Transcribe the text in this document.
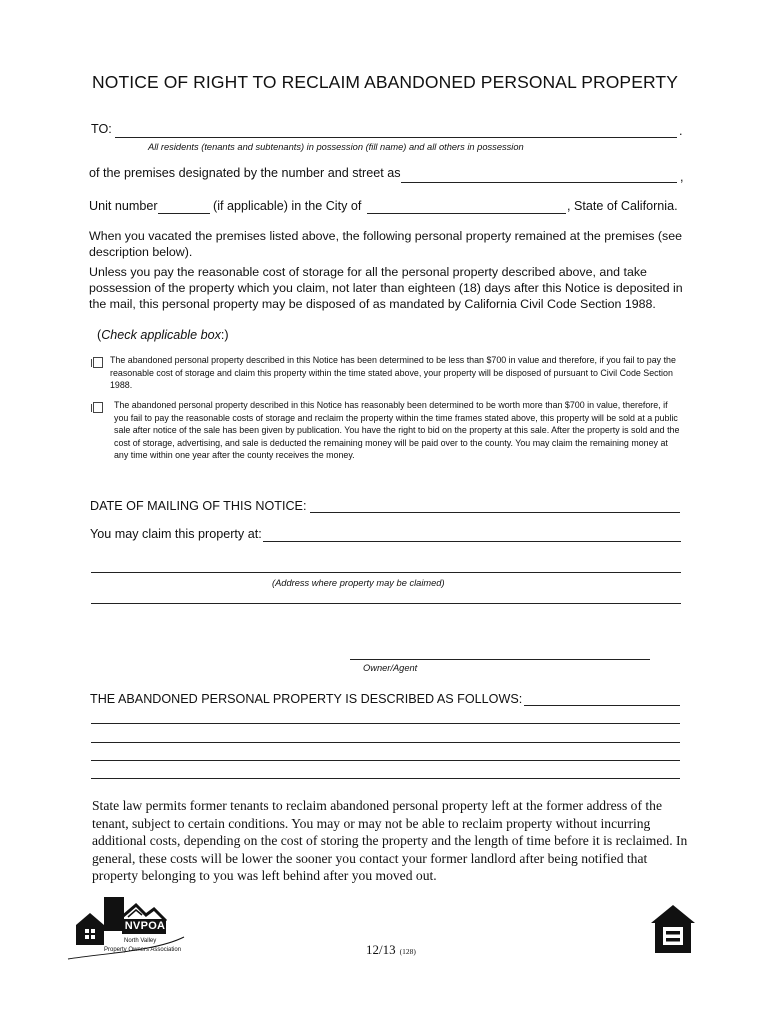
NOTICE OF RIGHT TO RECLAIM ABANDONED PERSONAL PROPERTY
TO:	.
All residents (tenants and subtenants) in possession (fill name) and all others in possession
of the premises designated by the number and street as	,
Unit number	(if applicable) in the City of	, State of California.
When you vacated the premises listed above, the following personal property remained at the premises (see description below).
Unless you pay the reasonable cost of storage for all the personal property described above, and take possession of the property which you claim, not later than eighteen (18) days after this Notice is deposited in the mail, this personal property may be disposed of as mandated by California Civil Code Section 1988.
(Check applicable box:)
The abandoned personal property described in this Notice has been determined to be less than $700 in value and therefore, if you fail to pay the reasonable cost of storage and claim this property within the time stated above, your property will be disposed of pursuant to Civil Code Section 1988.
The abandoned personal property described in this Notice has reasonably been determined to be worth more than $700 in value, therefore, if you fail to pay the reasonable costs of storage and reclaim the property within the time frames stated above, this property will be sold at a public sale after notice of the sale has been given by publication. You have the right to bid on the property at this sale. After the property is sold and the cost of storage, advertising, and sale is deducted the remaining money will be paid over to the county. You may claim the remaining money at any time within one year after the county receives the money.
DATE OF MAILING OF THIS NOTICE:
You may claim this property at:
(Address where property may be claimed)
Owner/Agent
THE ABANDONED PERSONAL PROPERTY IS DESCRIBED AS FOLLOWS:
State law permits former tenants to reclaim abandoned personal property left at the former address of the tenant, subject to certain conditions. You may or may not be able to reclaim property without incurring additional costs, depending on the cost of storing the property and the length of time before it is reclaimed. In general, these costs will be lower the sooner you contact your former landlord after being notified that property belonging to you was left behind after you moved out.
NVPOA
North Valley
Property Owners Association	12/13 (128)
